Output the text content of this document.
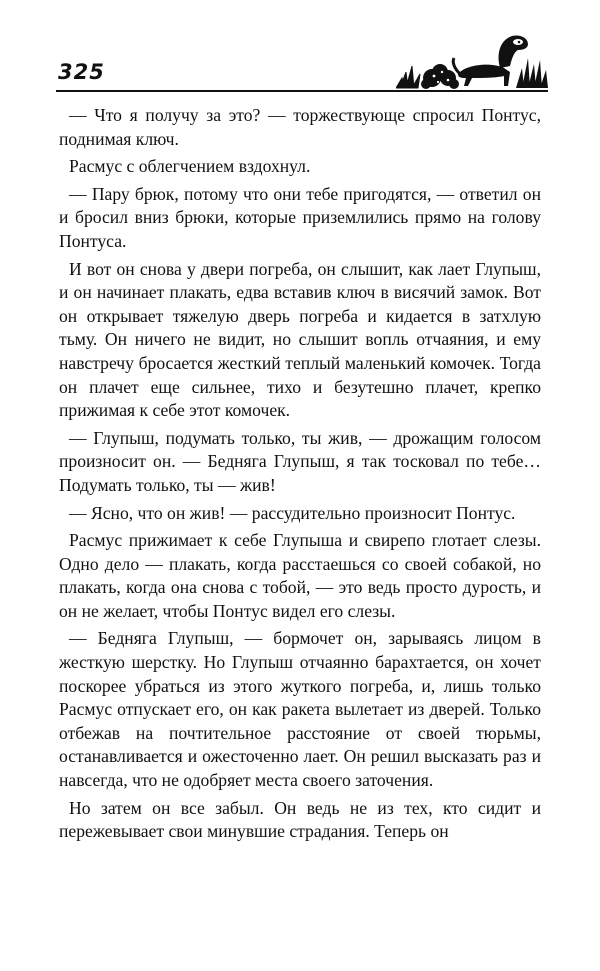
325

— Что я получу за это? — торжествующе спросил Понтус, поднимая ключ.

Расмус с облегчением вздохнул.

— Пару брюк, потому что они тебе пригодятся, — ответил он и бросил вниз брюки, которые приземлились прямо на голову Понтуса.

И вот он снова у двери погреба, он слышит, как лает Глупыш, и он начинает плакать, едва вставив ключ в висячий замок. Вот он открывает тяжелую дверь погреба и кидается в затхлую тьму. Он ничего не видит, но слышит вопль отчаяния, и ему навстречу бросается жесткий теплый маленький комочек. Тогда он плачет еще сильнее, тихо и безутешно плачет, крепко прижимая к себе этот комочек.

— Глупыш, подумать только, ты жив, — дрожащим голосом произносит он. — Бедняга Глупыш, я так тосковал по тебе… Подумать только, ты — жив!

— Ясно, что он жив! — рассудительно произносит Понтус.

Расмус прижимает к себе Глупыша и свирепо глотает слезы. Одно дело — плакать, когда расстаешься со своей собакой, но плакать, когда она снова с тобой, — это ведь просто дурость, и он не желает, чтобы Понтус видел его слезы.

— Бедняга Глупыш, — бормочет он, зарываясь лицом в жесткую шерстку. Но Глупыш отчаянно барахтается, он хочет поскорее убраться из этого жуткого погреба, и, лишь только Расмус отпускает его, он как ракета вылетает из дверей. Только отбежав на почтительное расстояние от своей тюрьмы, останавливается и ожесточенно лает. Он решил высказать раз и навсегда, что не одобряет места своего заточения.

Но затем он все забыл. Он ведь не из тех, кто сидит и пережевывает свои минувшие страдания. Теперь он
